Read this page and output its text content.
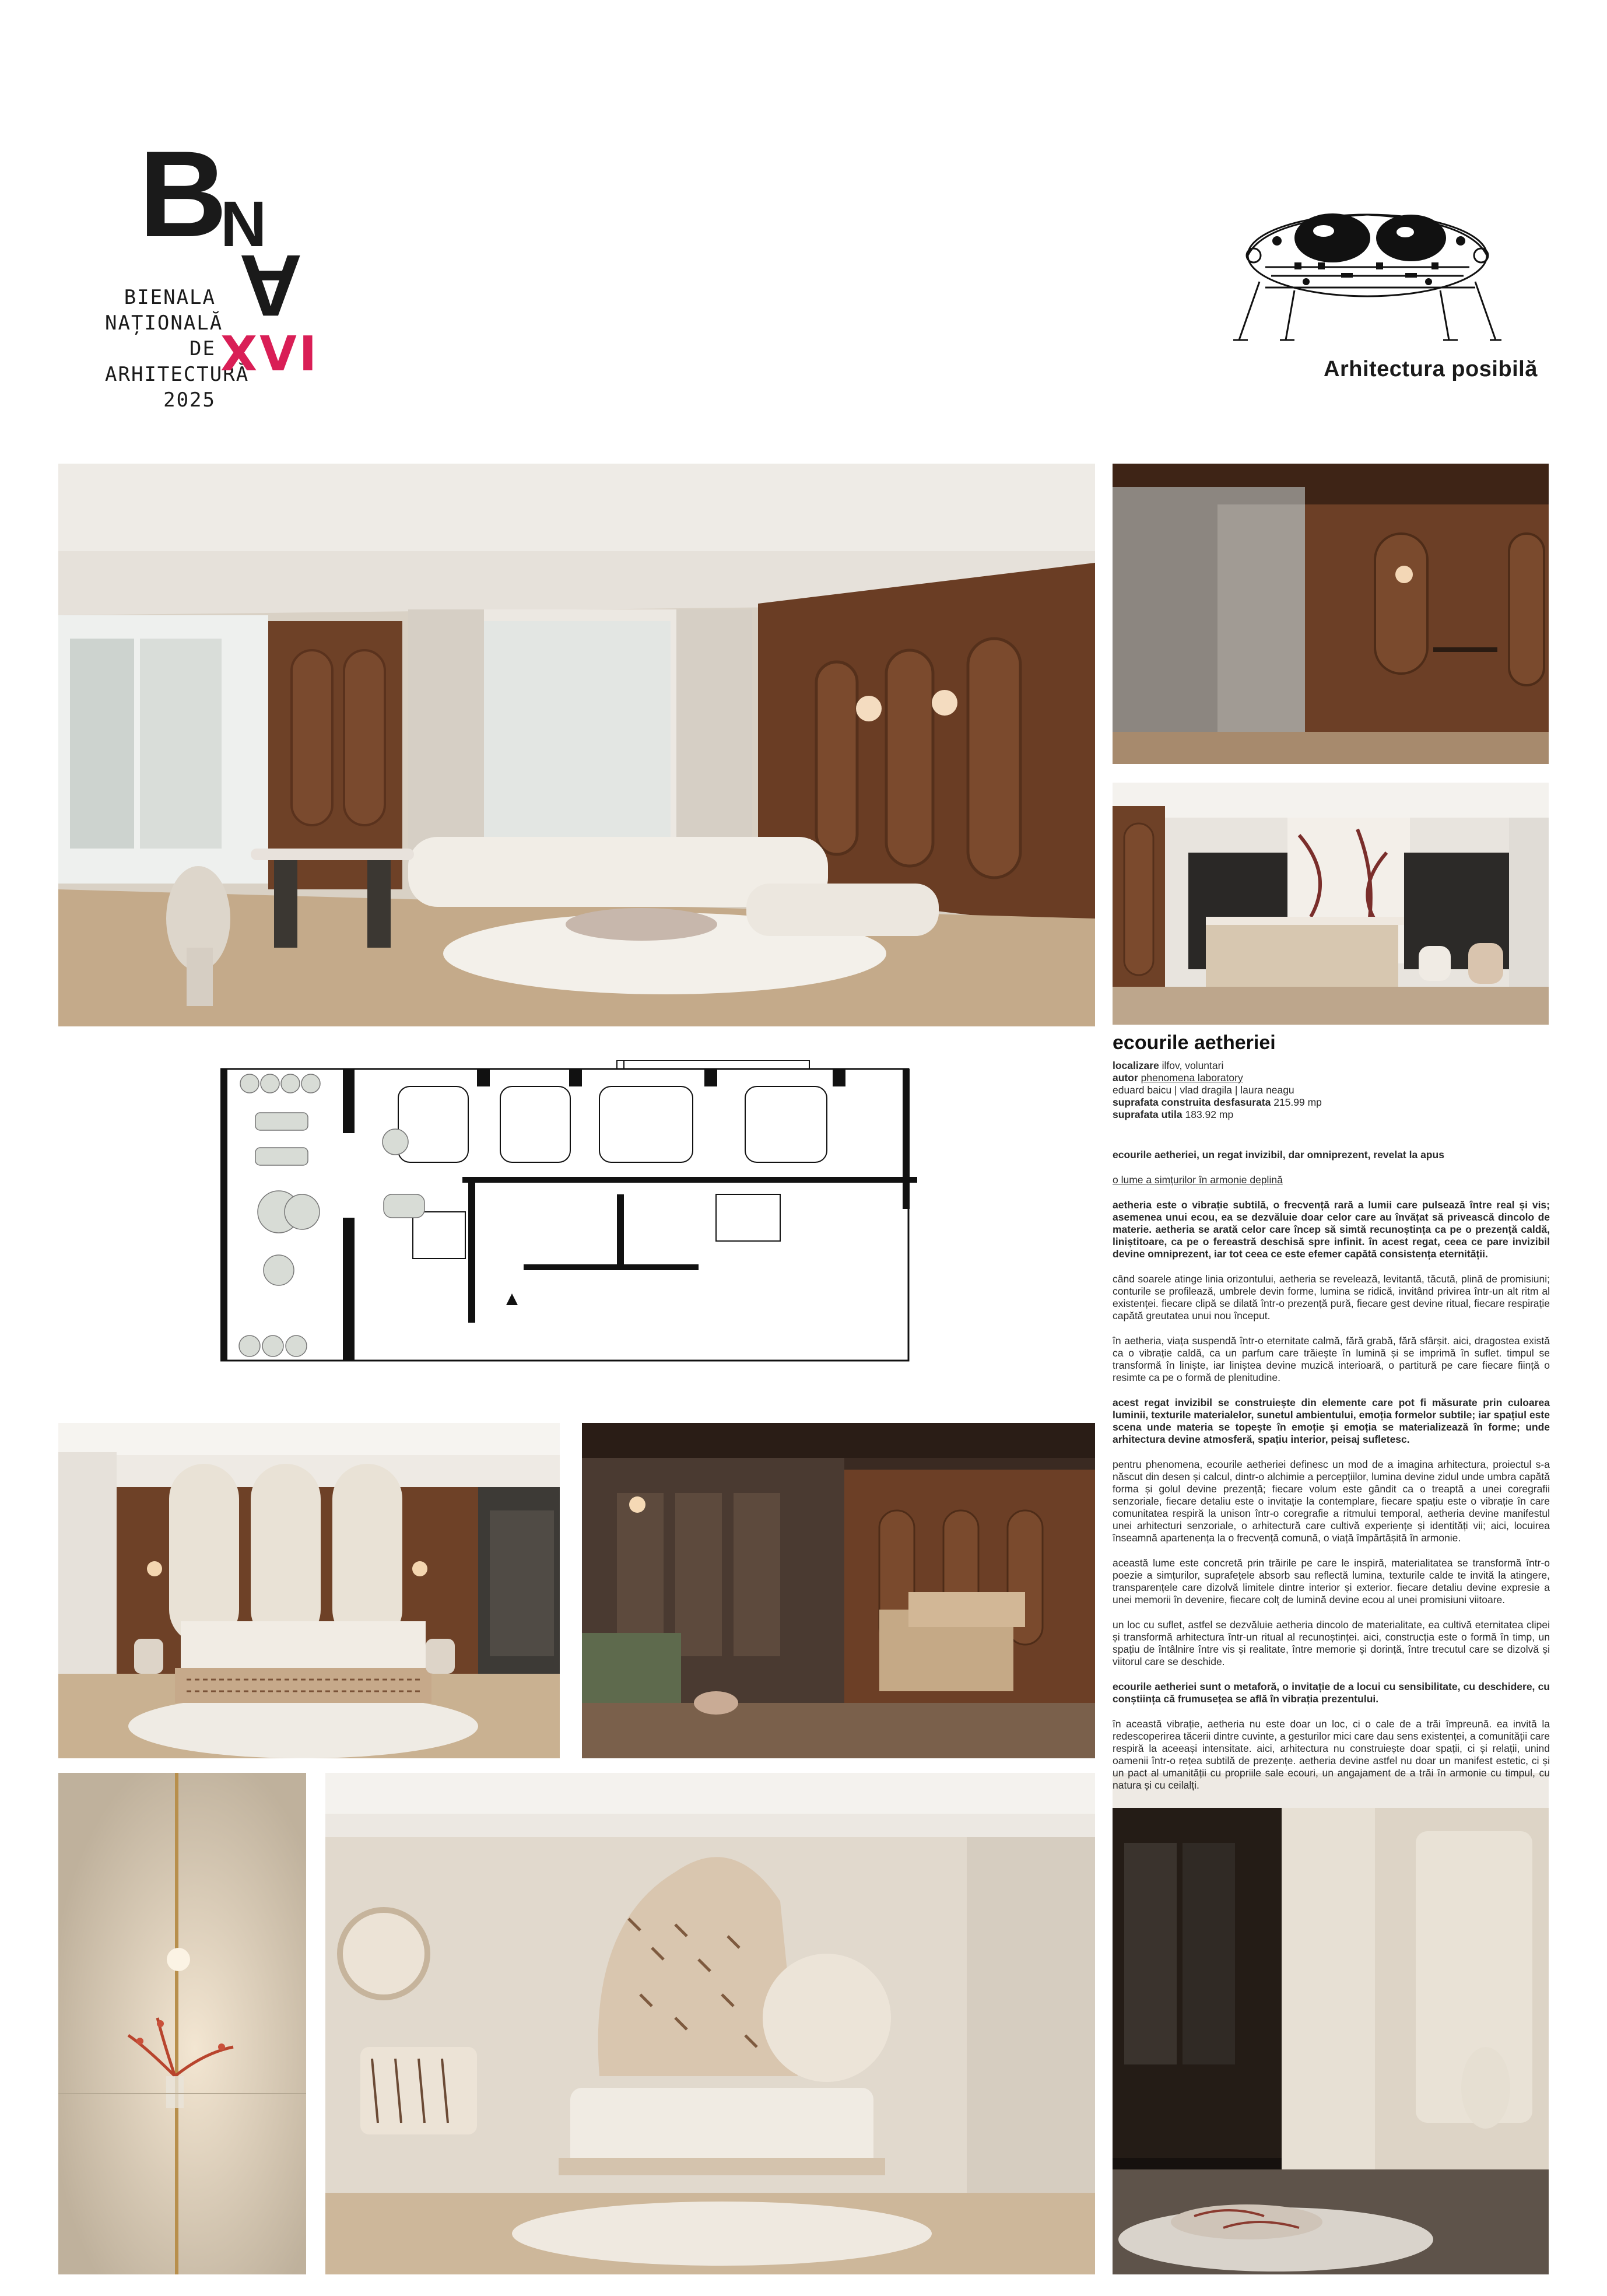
B
N
A
BIENALA
NAȚIONALĂ
DE
ARHITECTURĂ
2025
XVI	Arhitectura posibilă
ecourile aetheriei
localizare ilfov, voluntari
autor phenomena laboratory
eduard baicu | vlad dragila | laura neagu
suprafata construita desfasurata 215.99 mp
suprafata utila 183.92 mp
ecourile aetheriei, un regat invizibil, dar omniprezent, revelat la apus
o lume a simțurilor în armonie deplină
aetheria este o vibrație subtilă, o frecvență rară a lumii care pulsează între real și vis; asemenea unui ecou, ea se dezvăluie doar celor care au învățat să privească dincolo de materie. aetheria se arată celor care încep să simtă recunoștința ca pe o prezență caldă, liniștitoare, ca pe o fereastră deschisă spre infinit. în acest regat, ceea ce pare invizibil devine omniprezent, iar tot ceea ce este efemer capătă consistența eternității.
când soarele atinge linia orizontului, aetheria se revelează, levitantă, tăcută, plină de promisiuni; conturile se profilează, umbrele devin forme, lumina se ridică, invitând privirea într-un alt ritm al existenței. fiecare clipă se dilată într-o prezență pură, fiecare gest devine ritual, fiecare respirație capătă greutatea unui nou început.
în aetheria, viața suspendă într-o eternitate calmă, fără grabă, fără sfârșit. aici, dragostea există ca o vibrație caldă, ca un parfum care trăiește în lumină și se imprimă în suflet. timpul se transformă în liniște, iar liniștea devine muzică interioară, o partitură pe care fiecare ființă o resimte ca pe o formă de plenitudine.
acest regat invizibil se construiește din elemente care pot fi măsurate prin culoarea luminii, texturile materialelor, sunetul ambientului, emoția formelor subtile; iar spațiul este scena unde materia se topește în emoție și emoția se materializează în forme; unde arhitectura devine atmosferă, spațiu interior, peisaj sufletesc.
pentru phenomena, ecourile aetheriei definesc un mod de a imagina arhitectura, proiectul s-a născut din desen și calcul, dintr-o alchimie a percepțiilor, lumina devine zidul unde umbra capătă forma și golul devine prezență; fiecare volum este gândit ca o treaptă a unei coregrafii senzoriale, fiecare detaliu este o invitație la contemplare, fiecare spațiu este o vibrație în care comunitatea respiră la unison într-o coregrafie a ritmului temporal, aetheria devine manifestul unei arhitecturi senzoriale, o arhitectură care cultivă experiențe și identități vii; aici, locuirea înseamnă apartenența la o frecvență comună, o viață împărtășită în armonie.
această lume este concretă prin trăirile pe care le inspiră, materialitatea se transformă într-o poezie a simțurilor, suprafețele absorb sau reflectă lumina, texturile calde te invită la atingere, transparențele care dizolvă limitele dintre interior și exterior. fiecare detaliu devine expresie a unei memorii în devenire, fiecare colț de lumină devine ecou al unei promisiuni viitoare.
un loc cu suflet, astfel se dezvăluie aetheria dincolo de materialitate, ea cultivă eternitatea clipei și transformă arhitectura într-un ritual al recunoștinței. aici, construcția este o formă în timp, un spațiu de întâlnire între vis și realitate, între memorie și dorință, între trecutul care se dizolvă și viitorul care se deschide.
ecourile aetheriei sunt o metaforă, o invitație de a locui cu sensibilitate, cu deschidere, cu conștiința că frumusețea se află în vibrația prezentului.
în această vibrație, aetheria nu este doar un loc, ci o cale de a trăi împreună. ea invită la redescoperirea tăcerii dintre cuvinte, a gesturilor mici care dau sens existenței, a comunității care respiră la aceeași intensitate. aici, arhitectura nu construiește doar spații, ci și relații, unind oamenii într-o rețea subtilă de prezențe. aetheria devine astfel nu doar un manifest estetic, ci și un pact al umanității cu propriile sale ecouri, un angajament de a trăi în armonie cu timpul, cu natura și cu ceilalți.
